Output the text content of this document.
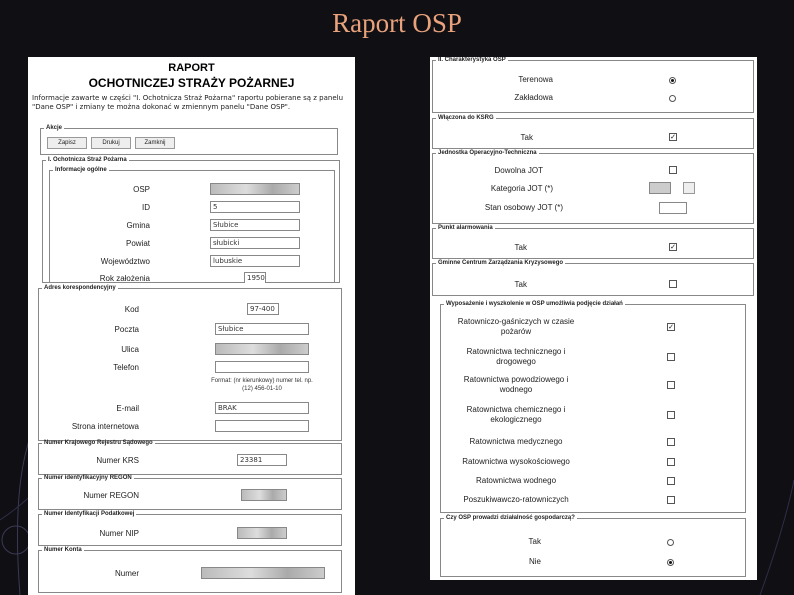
Raport OSP
RAPORT
OCHOTNICZEJ STRAŻY POŻARNEJ
Informacje zawarte w części "I. Ochotnicza Straż Pożarna" raportu pobierane są z panelu "Dane OSP" i zmiany te można dokonać w zmiennym panelu "Dane OSP".
Akcje
Zapisz	Drukuj	Zamknij
I. Ochotnicza Straż Pożarna
Informacje ogólne
OSP
ID	5
Gmina	Słubice
Powiat	słubicki
Województwo	lubuskie
Rok założenia	1950
Adres korespondencyjny
Kod	97-400
Poczta	Słubice
Ulica
Telefon
Format: (nr kierunkowy) numer tel. np. (12) 456-01-10
E-mail	BRAK
Strona internetowa
Numer Krajowego Rejestru Sądowego
Numer KRS	23381
Numer identyfikacyjny REGON
Numer REGON
Numer Identyfikacji Podatkowej
Numer NIP
Numer Konta
Numer
II. Charakterystyka OSP
Terenowa
Zakładowa
Włączona do KSRG
Tak	✓
Jednostka Operacyjno-Techniczna
Dowolna JOT
Kategoria JOT (*)
Stan osobowy JOT (*)
Punkt alarmowania
Tak	✓
Gminne Centrum Zarządzania Kryzysowego
Tak
Wyposażenie i wyszkolenie w OSP umożliwia podjęcie działań
Ratowniczo-gaśniczych w czasie pożarów	✓
Ratownictwa technicznego i drogowego
Ratownictwa powodziowego i wodnego
Ratownictwa chemicznego i ekologicznego
Ratownictwa medycznego
Ratownictwa wysokościowego
Ratownictwa wodnego
Poszukiwawczo-ratowniczych
Czy OSP prowadzi działalność gospodarczą?
Tak
Nie
